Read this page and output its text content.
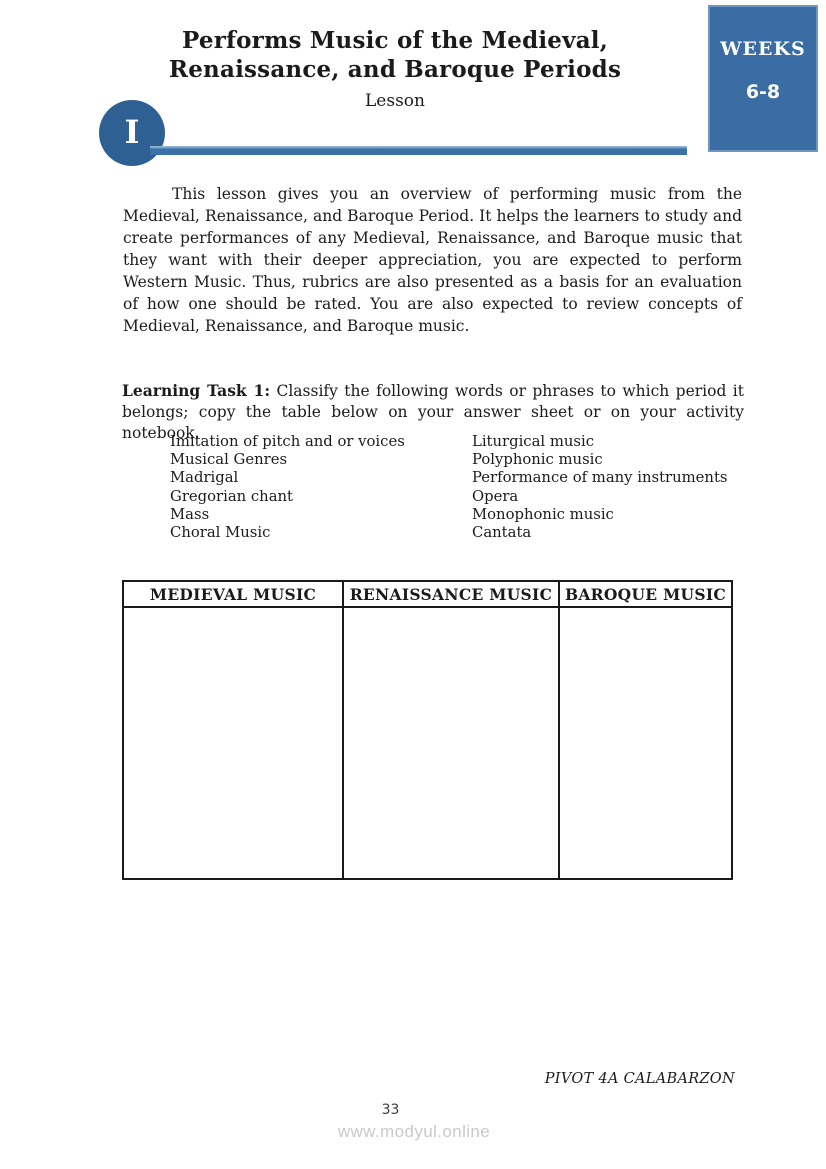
Performs Music of the Medieval,
Renaissance, and Baroque Periods
Lesson
I
WEEKS
6-8

This lesson gives you an overview of performing music from the Medieval, Renaissance, and Baroque Period. It helps the learners to study and create performances of any Medieval, Renaissance, and Baroque music that they want with their deeper appreciation, you are expected to perform Western Music. Thus, rubrics are also presented as a basis for an evaluation of how one should be rated. You are also expected to review concepts of Medieval, Renaissance, and Baroque music.

Learning Task 1: Classify the following words or phrases to which period it belongs; copy the table below on your answer sheet or on your activity notebook.

Imitation of pitch and or voices
Musical Genres
Madrigal
Gregorian chant
Mass
Choral Music
Liturgical music
Polyphonic music
Performance of many instruments
Opera
Monophonic music
Cantata
MEDIEVAL MUSIC	RENAISSANCE MUSIC	BAROQUE MUSIC

PIVOT 4A CALABARZON
33
www.modyul.online
